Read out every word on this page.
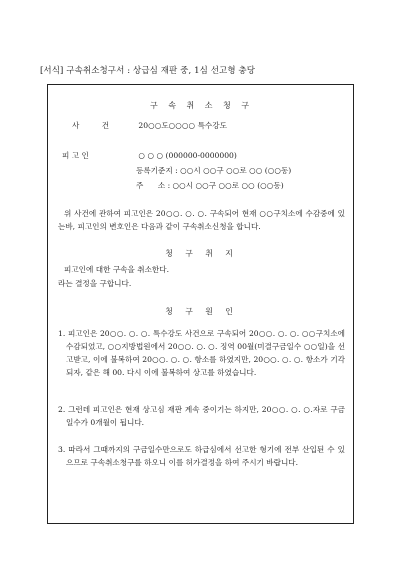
[서식] 구속취소청구서 : 상급심 재판 중, 1심 선고형 충당
구 속 취 소 청 구
사 건	20○○도○○○○ 특수강도
피 고 인	○ ○ ○ (000000-0000000)
등록기준지 : ○○시 ○○구 ○○로 ○○ (○○동)
주      소 : ○○시 ○○구 ○○로 ○○ (○○동)
위 사건에 관하여 피고인은 20○○. ○. ○. 구속되어 현재 ○○구치소에 수감중에 있는바, 피고인의 변호인은 다음과 같이 구속취소신청을 합니다.
청 구 취 지
피고인에 대한 구속을 취소한다.
라는 결정을 구합니다.
청 구 원 인
1. 피고인은 20○○. ○. ○. 특수강도 사건으로 구속되어 20○○. ○. ○. ○○구치소에 수감되었고, ○○지방법원에서 20○○. ○. ○. 징역 00월(미결구금일수 ○○일)을 선고받고, 이에 불복하여 20○○. ○. ○. 항소를 하였지만, 20○○. ○. ○. 항소가 기각되자, 같은 해 00. 다시 이에 불복하여 상고를 하였습니다.
2. 그런데 피고인은 현재 상고심 재판 계속 중이기는 하지만, 20○○. ○. ○.자로 구금일수가 0개월이 됩니다.
3. 따라서 그때까지의 구금일수만으로도 하급심에서 선고한 형기에 전부 산입된 수 있으므로 구속취소청구를 하오니 이를 허가결정을 하여 주시기 바랍니다.
